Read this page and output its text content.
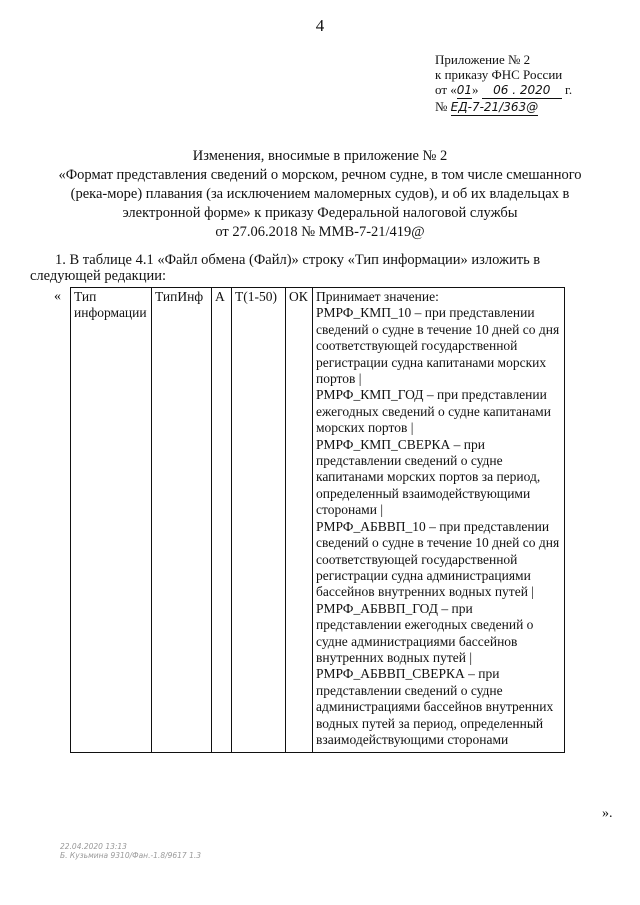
4
Приложение № 2
к приказу ФНС России
от «01» 06 . 2020 г.
№ ЕД-7-21/363@
Изменения, вносимые в приложение № 2
«Формат представления сведений о морском, речном судне, в том числе смешанного
(река-море) плавания (за исключением маломерных судов), и об их владельцах в
электронной форме» к приказу Федеральной налоговой службы
от 27.06.2018 № ММВ-7-21/419@
1. В таблице 4.1 «Файл обмена (Файл)» строку «Тип информации» изложить в
следующей редакции:
« Тип информации	ТипИнф	А	T(1-50)	ОК	Принимает значение:
РМРФ_КМП_10 – при представлении сведений о судне в течение 10 дней со дня соответствующей государственной регистрации судна капитанами морских портов |
РМРФ_КМП_ГОД – при представлении ежегодных сведений о судне капитанами морских портов |
РМРФ_КМП_СВЕРКА – при представлении сведений о судне капитанами морских портов за период, определенный взаимодействующими сторонами |
РМРФ_АБВВП_10 – при представлении сведений о судне в течение 10 дней со дня соответствующей государственной регистрации судна администрациями бассейнов внутренних водных путей |
РМРФ_АБВВП_ГОД – при представлении ежегодных сведений о судне администрациями бассейнов внутренних водных путей |
РМРФ_АБВВП_СВЕРКА – при представлении сведений о судне администрациями бассейнов внутренних водных путей за период, определенный взаимодействующими сторонами
».
22.04.2020 13:13
Б. Кузьмина 9310/Фан.-1.8/9617 1.3
